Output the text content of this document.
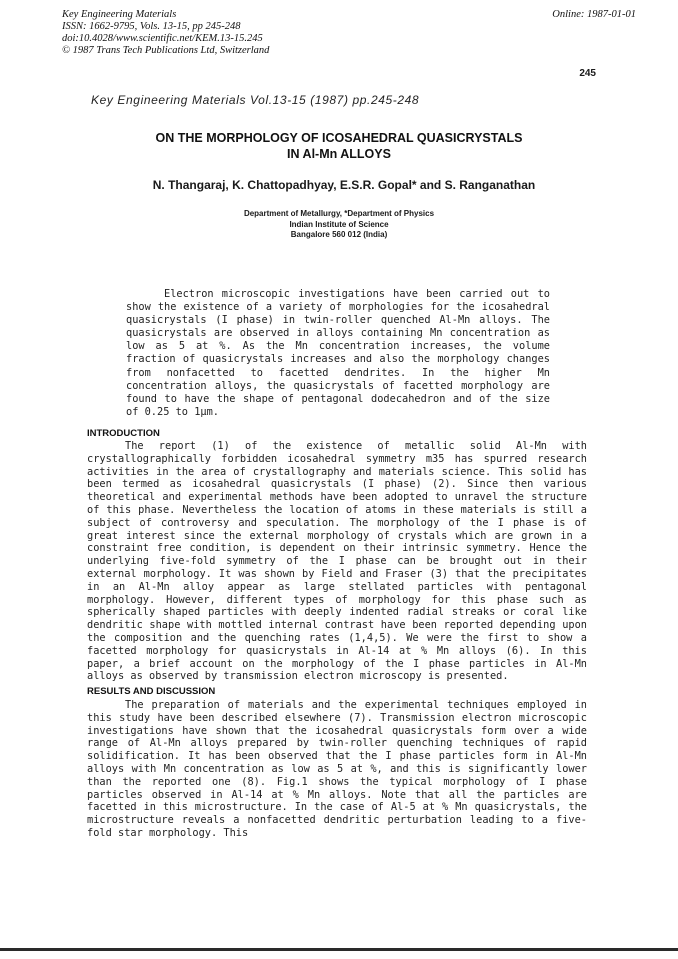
Key Engineering Materials
ISSN: 1662-9795, Vols. 13-15, pp 245-248
doi:10.4028/www.scientific.net/KEM.13-15.245
© 1987 Trans Tech Publications Ltd, Switzerland
Online: 1987-01-01
245
Key Engineering Materials Vol.13-15 (1987) pp.245-248
ON THE MORPHOLOGY OF ICOSAHEDRAL QUASICRYSTALS
IN Al-Mn ALLOYS
N. Thangaraj, K. Chattopadhyay, E.S.R. Gopal* and S. Ranganathan
Department of Metallurgy, *Department of Physics
Indian Institute of Science
Bangalore 560 012 (India)
Electron microscopic investigations have been carried out to show the existence of a variety of morphologies for the icosahedral quasicrystals (I phase) in twin-roller quenched Al-Mn alloys. The quasicrystals are observed in alloys containing Mn concentration as low as 5 at %. As the Mn concentration increases, the volume fraction of quasicrystals increases and also the morphology changes from nonfacetted to facetted dendrites. In the higher Mn concentration alloys, the quasicrystals of facetted morphology are found to have the shape of pentagonal dodecahedron and of the size of 0.25 to 1μm.
INTRODUCTION
The report (1) of the existence of metallic solid Al-Mn with crystallographically forbidden icosahedral symmetry m35 has spurred research activities in the area of crystallography and materials science. This solid has been termed as icosahedral quasicrystals (I phase) (2). Since then various theoretical and experimental methods have been adopted to unravel the structure of this phase. Nevertheless the location of atoms in these materials is still a subject of controversy and speculation. The morphology of the I phase is of great interest since the external morphology of crystals which are grown in a constraint free condition, is dependent on their intrinsic symmetry. Hence the underlying five-fold symmetry of the I phase can be brought out in their external morphology. It was shown by Field and Fraser (3) that the precipitates in an Al-Mn alloy appear as large stellated particles with pentagonal morphology. However, different types of morphology for this phase such as spherically shaped particles with deeply indented radial streaks or coral like dendritic shape with mottled internal contrast have been reported depending upon the composition and the quenching rates (1,4,5). We were the first to show a facetted morphology for quasicrystals in Al-14 at % Mn alloys (6). In this paper, a brief account on the morphology of the I phase particles in Al-Mn alloys as observed by transmission electron microscopy is presented.
RESULTS AND DISCUSSION
The preparation of materials and the experimental techniques employed in this study have been described elsewhere (7). Transmission electron microscopic investigations have shown that the icosahedral quasicrystals form over a wide range of Al-Mn alloys prepared by twin-roller quenching techniques of rapid solidification. It has been observed that the I phase particles form in Al-Mn alloys with Mn concentration as low as 5 at %, and this is significantly lower than the reported one (8). Fig.1 shows the typical morphology of I phase particles observed in Al-14 at % Mn alloys. Note that all the particles are facetted in this microstructure. In the case of Al-5 at % Mn quasicrystals, the microstructure reveals a nonfacetted dendritic perturbation leading to a five-fold star morphology. This
